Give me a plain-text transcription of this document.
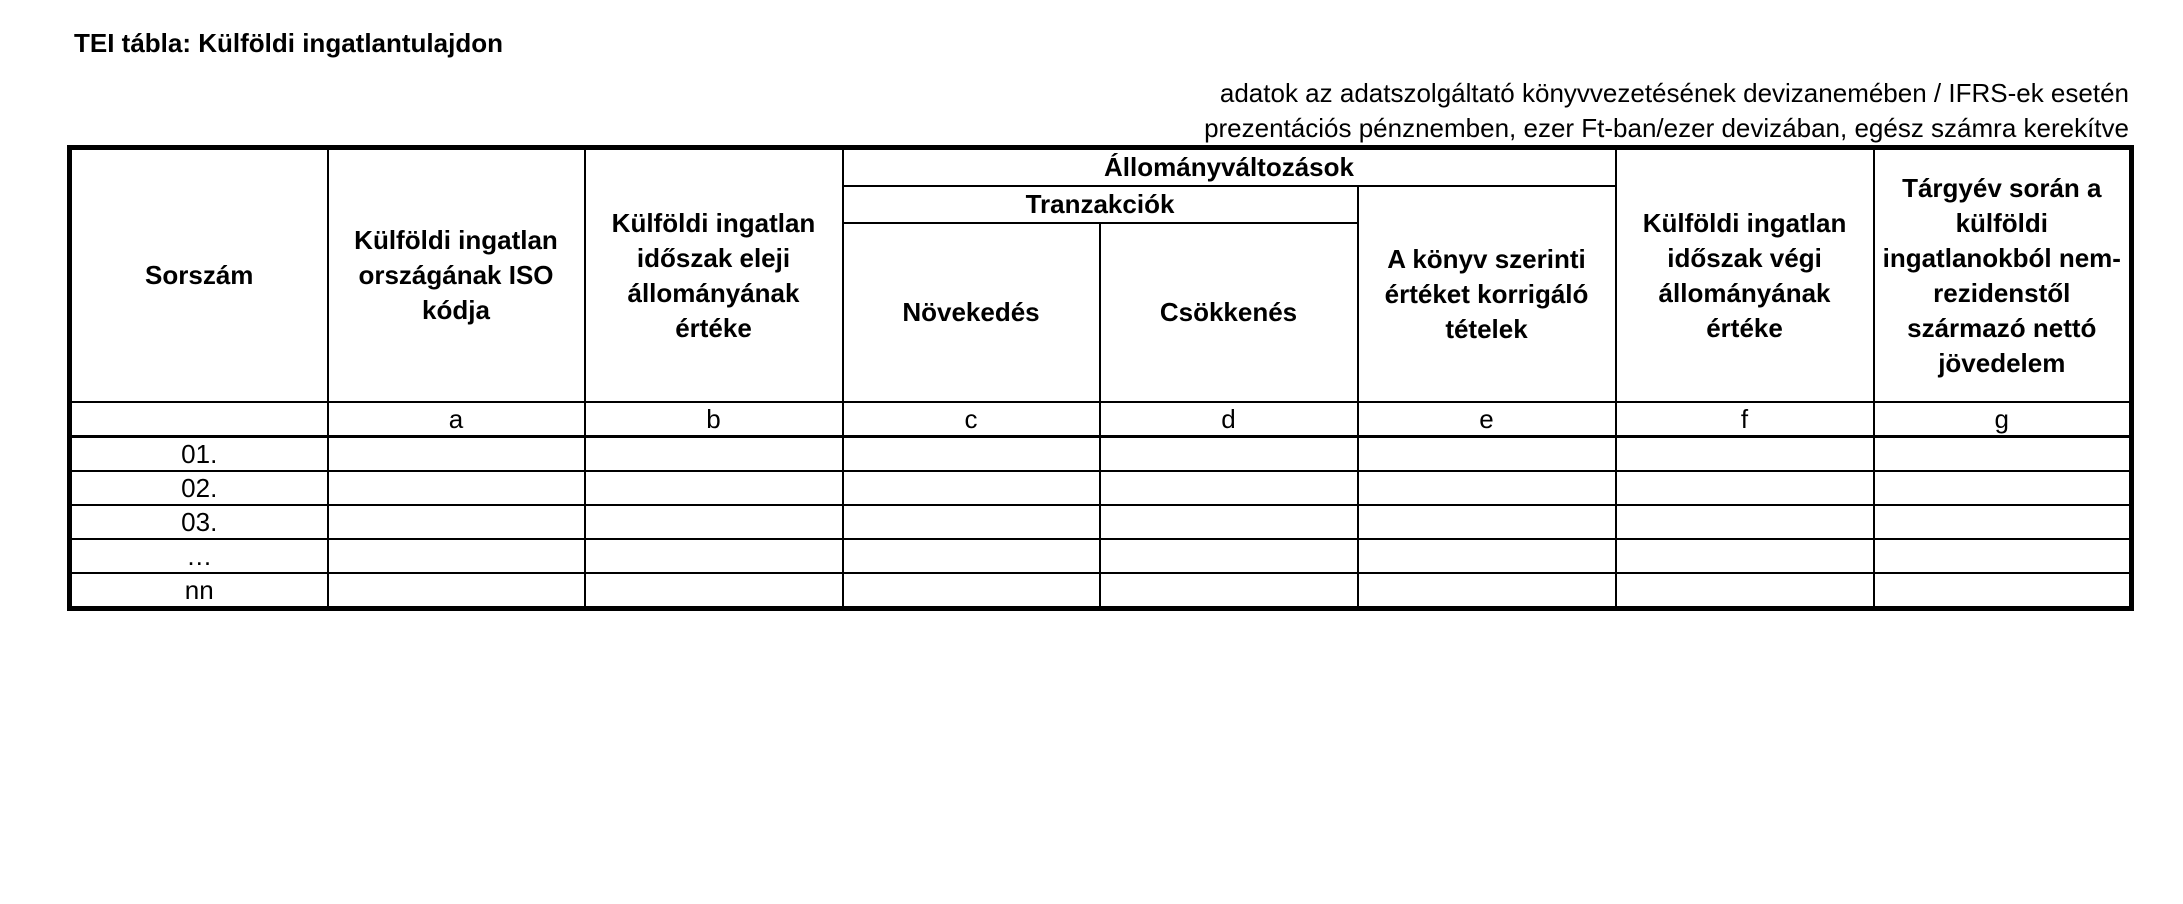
TEI tábla: Külföldi ingatlantulajdon
adatok az adatszolgáltató könyvvezetésének devizanemében / IFRS-ek esetén
prezentációs pénznemben, ezer Ft-ban/ezer devizában, egész számra kerekítve
Sorszám	Külföldi ingatlan országának ISO kódja	Külföldi ingatlan időszak eleji állományának értéke	Állományváltozások			Külföldi ingatlan időszak végi állományának értéke	Tárgyév során a külföldi ingatlanokból nem-rezidenstől származó nettó jövedelem
			Tranzakciók		A könyv szerinti értéket korrigáló tételek		
			Növekedés	Csökkenés			
	a	b	c	d	e	f	g
01.							
02.							
03.							
…							
nn							
